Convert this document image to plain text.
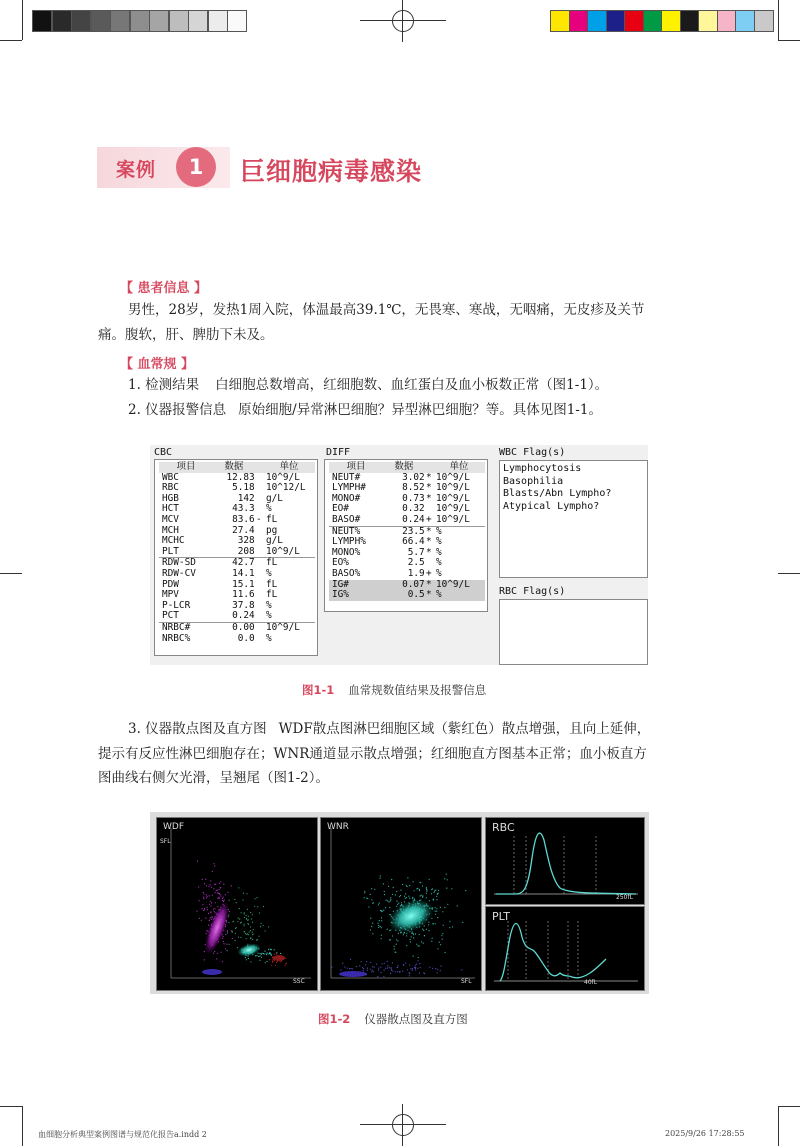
案例	1	巨细胞病毒感染
【 患者信息 】
男性，28岁，发热1周入院，体温最高39.1℃，无畏寒、寒战，无咽痛，无皮疹及关节
痛。腹软，肝、脾肋下未及。
【 血常规 】
1. 检测结果 白细胞总数增高，红细胞数、血红蛋白及血小板数正常（图1-1）。
2. 仪器报警信息 原始细胞/异常淋巴细胞？异型淋巴细胞？等。具体见图1-1。
CBC
项目	数据		单位
WBC	12.83		10^9/L
RBC	5.18		10^12/L
HGB	142		g/L
HCT	43.3		%
MCV	83.6	-	fL
MCH	27.4		pg
MCHC	328		g/L
PLT	208		10^9/L
RDW-SD	42.7		fL
RDW-CV	14.1		%
PDW	15.1		fL
MPV	11.6		fL
P-LCR	37.8		%
PCT	0.24		%
NRBC#	0.00		10^9/L
NRBC%	0.0		%
DIFF
项目	数据		单位
NEUT#	3.02	*	10^9/L
LYMPH#	8.52	*	10^9/L
MONO#	0.73	*	10^9/L
EO#	0.32		10^9/L
BASO#	0.24	+	10^9/L
NEUT%	23.5	*	%
LYMPH%	66.4	*	%
MONO%	5.7	*	%
EO%	2.5		%
BASO%	1.9	+	%
IG#	0.07	*	10^9/L
IG%	0.5	*	%
WBC Flag(s)
Lymphocytosis
Basophilia
Blasts/Abn Lympho?
Atypical Lympho?
RBC Flag(s)
图1-1 血常规数值结果及报警信息
3. 仪器散点图及直方图 WDF散点图淋巴细胞区域（紫红色）散点增强，且向上延伸，
提示有反应性淋巴细胞存在；WNR通道显示散点增强；红细胞直方图基本正常；血小板直方
图曲线右侧欠光滑，呈翘尾（图1-2）。
WDF
SFL
SSC
WNR
SFL
RBC
250fL
PLT
40fL
图1-2 仪器散点图及直方图
血细胞分析典型案例图谱与规范化报告a.indd 2	2025/9/26 17:28:55
